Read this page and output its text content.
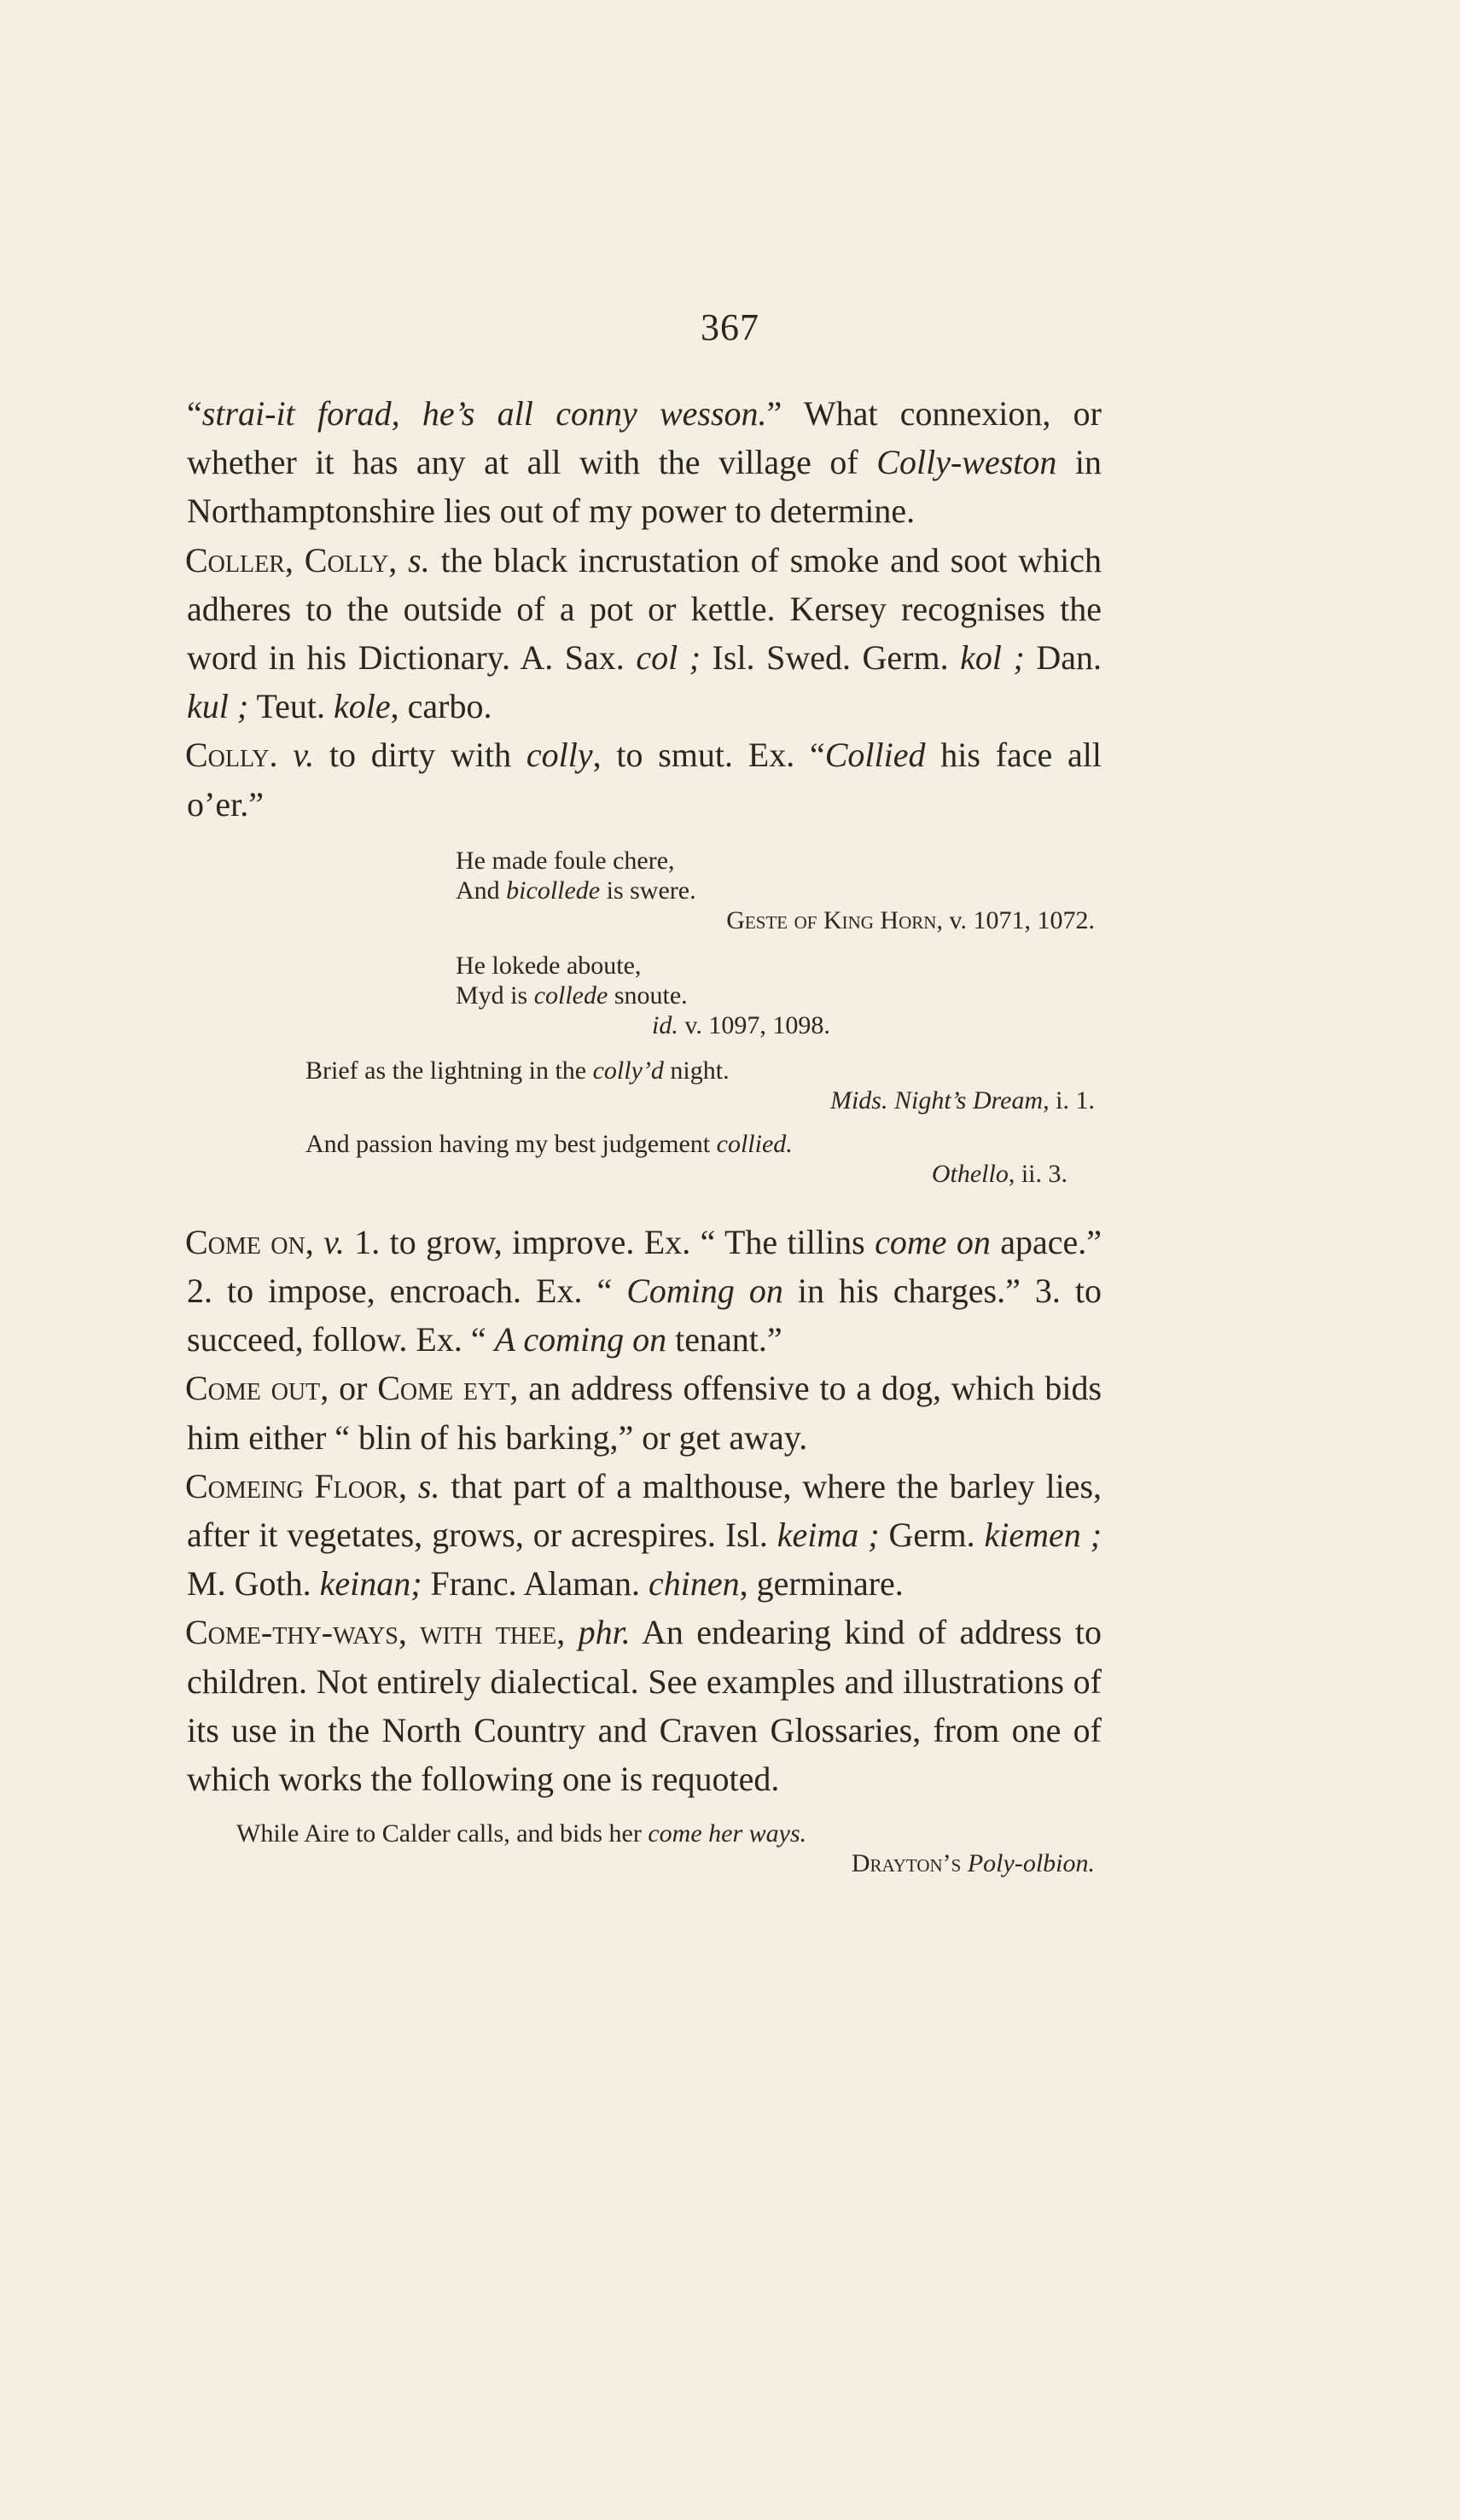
367

“strai-it forad, he’s all conny wesson.” What connexion, or whether it has any at all with the village of Colly-weston in Northamptonshire lies out of my power to determine.

Coller, Colly, s. the black incrustation of smoke and soot which adheres to the outside of a pot or kettle. Kersey recognises the word in his Dictionary. A. Sax. col ; Isl. Swed. Germ. kol ; Dan. kul ; Teut. kole, carbo.

Colly. v. to dirty with colly, to smut. Ex. “Collied his face all o’er.”

He made foule chere,
And bicollede is swere.
Geste of King Horn, v. 1071, 1072.
He lokede aboute,
Myd is collede snoute.
id. v. 1097, 1098.
Brief as the lightning in the colly’d night.
Mids. Night’s Dream, i. 1.
And passion having my best judgement collied.
Othello, ii. 3.

Come on, v. 1. to grow, improve. Ex. “ The tillins come on apace.” 2. to impose, encroach. Ex. “ Coming on in his charges.” 3. to succeed, follow. Ex. “ A coming on tenant.”

Come out, or Come eyt, an address offensive to a dog, which bids him either “ blin of his barking,” or get away.

Comeing Floor, s. that part of a malthouse, where the barley lies, after it vegetates, grows, or acrespires. Isl. keima ; Germ. kiemen ; M. Goth. keinan; Franc. Alaman. chinen, germinare.

Come-thy-ways, with thee, phr. An endearing kind of address to children. Not entirely dialectical. See examples and illustrations of its use in the North Country and Craven Glossaries, from one of which works the following one is requoted.

While Aire to Calder calls, and bids her come her ways.
Drayton’s Poly-olbion.
